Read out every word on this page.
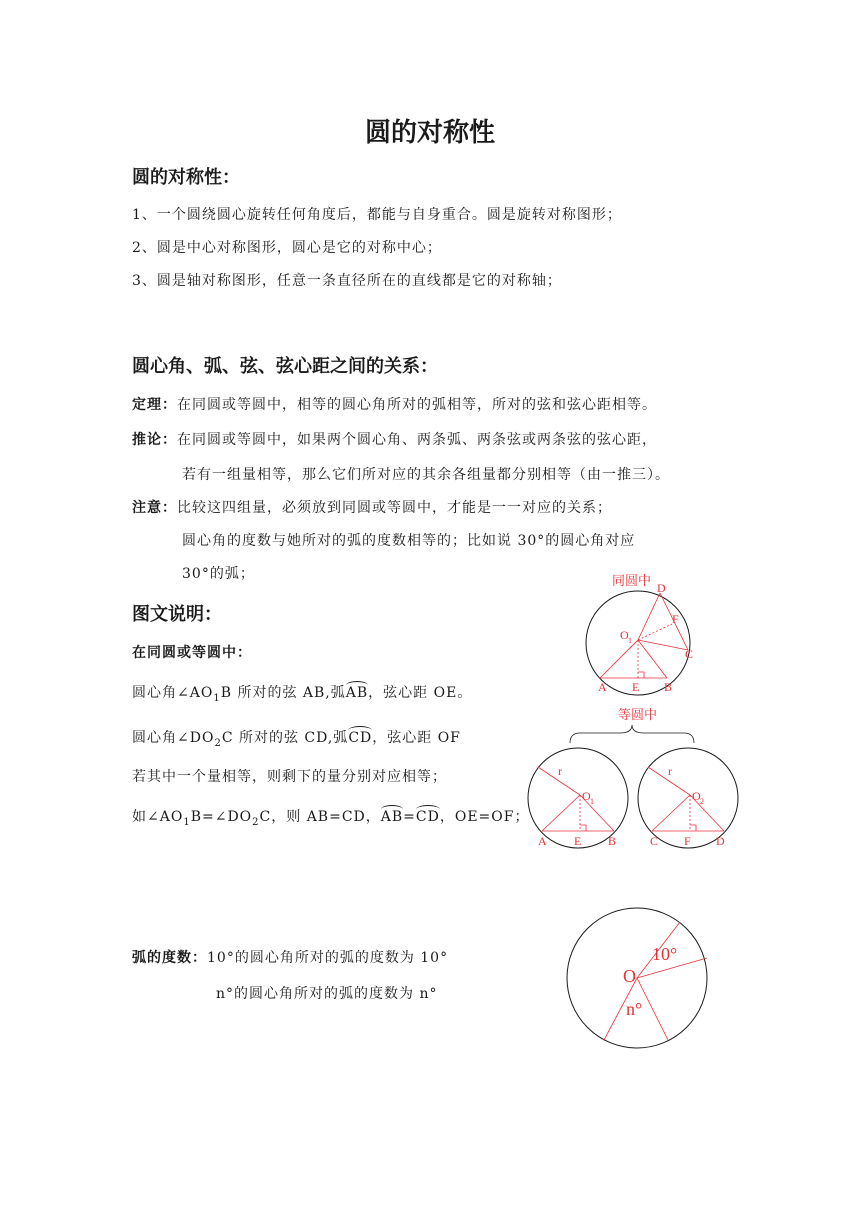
圆的对称性
圆的对称性：
1、一个圆绕圆心旋转任何角度后，都能与自身重合。圆是旋转对称图形；
2、圆是中心对称图形，圆心是它的对称中心；
3、圆是轴对称图形，任意一条直径所在的直线都是它的对称轴；
圆心角、弧、弦、弦心距之间的关系：
定理：在同圆或等圆中，相等的圆心角所对的弧相等，所对的弦和弦心距相等。
推论：在同圆或等圆中，如果两个圆心角、两条弧、两条弦或两条弦的弦心距，
若有一组量相等，那么它们所对应的其余各组量都分别相等（由一推三）。
注意：比较这四组量，必须放到同圆或等圆中，才能是一一对应的关系；
圆心角的度数与她所对的弧的度数相等的；比如说 30°的圆心角对应
30°的弧；
图文说明：
在同圆或等圆中：
圆心角$\angle AO_1B$ 所对的弦 AB,弧AB，弦心距 OE。
圆心角$\angle DO_2C$ 所对的弦 CD,弧CD，弦心距 OF
若其中一个量相等，则剩下的量分别对应相等；
如$\angle AO_1B=\angle DO_2C$，则 AB=CD，AB=CD，OE=OF；
弧的度数：10°的圆心角所对的弧的度数为 10°
n°的圆心角所对的弧的度数为 n°
同圆中
O 1
A E B
C
D
F
等圆中
r
O 1
A E B
r
O 2
C F D
O
10°
n°
